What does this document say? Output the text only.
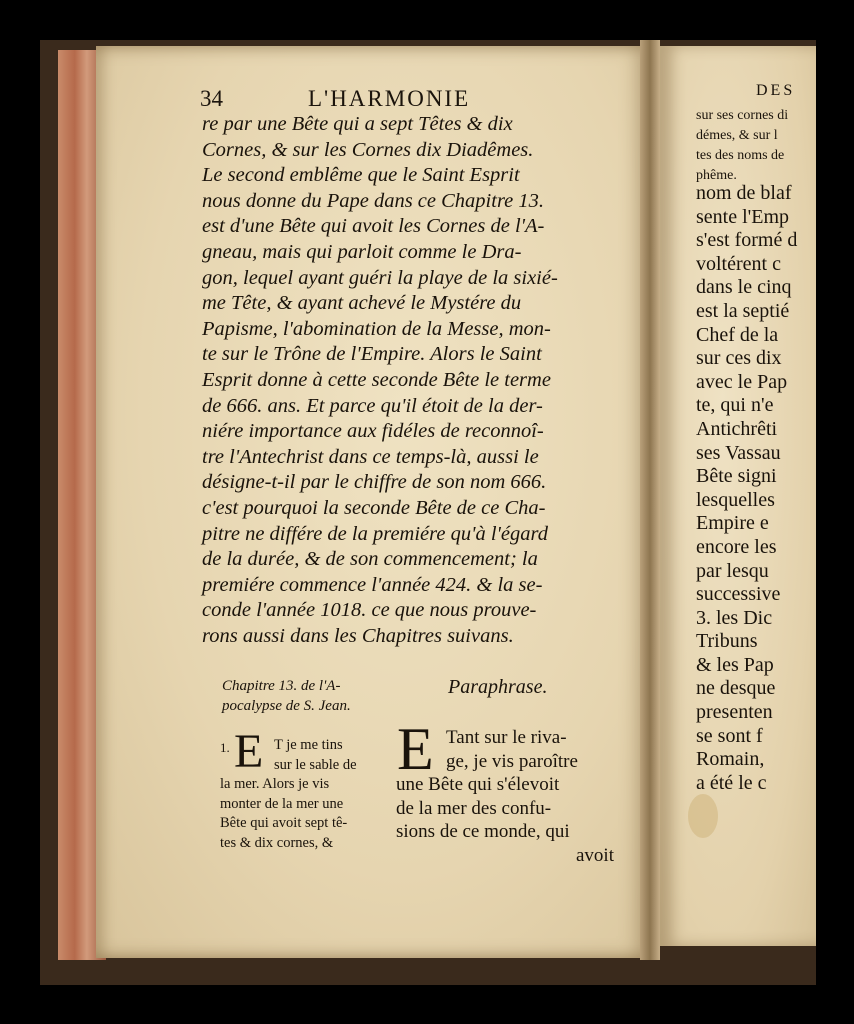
34	L'HARMONIE

re par une Bête qui a sept Têtes & dix
Cornes, & sur les Cornes dix Diadêmes.
Le second emblême que le Saint Esprit
nous donne du Pape dans ce Chapitre 13.
est d'une Bête qui avoit les Cornes de l'A-
gneau, mais qui parloit comme le Dra-
gon, lequel ayant guéri la playe de la sixié-
me Tête, & ayant achevé le Mystére du
Papisme, l'abomination de la Messe, mon-
te sur le Trône de l'Empire. Alors le Saint
Esprit donne à cette seconde Bête le terme
de 666. ans. Et parce qu'il étoit de la der-
niére importance aux fidéles de reconnoî-
tre l'Antechrist dans ce temps-là, aussi le
désigne-t-il par le chiffre de son nom 666.
c'est pourquoi la seconde Bête de ce Cha-
pitre ne différe de la premiére qu'à l'égard
de la durée, & de son commencement; la
premiére commence l'année 424. & la se-
conde l'année 1018. ce que nous prouve-
rons aussi dans les Chapitres suivans.

Chapitre 13. de l'A-
pocalypse de S. Jean.
Paraphrase.
1. E T je me tins
sur le sable de
la mer. Alors je vis
monter de la mer une
Bête qui avoit sept tê-
tes & dix cornes, &
E Tant sur le riva-
ge, je vis paroître
une Bête qui s'élevoit
de la mer des confu-
sions de ce monde, qui
avoit
DES
sur ses cornes di
démes, & sur l
tes des noms de
phême.
nom de blaf
sente l'Emp
s'est formé d
voltérent c
dans le cinq
est la septié
Chef de la
sur ces dix
avec le Pap
te, qui n'e
Antichrêti
ses Vassau
Bête signi
lesquelles
Empire e
encore les
par lesqu
successive
3. les Dic
Tribuns
& les Pap
ne desque
presenten
se sont f
Romain,
a été le c
